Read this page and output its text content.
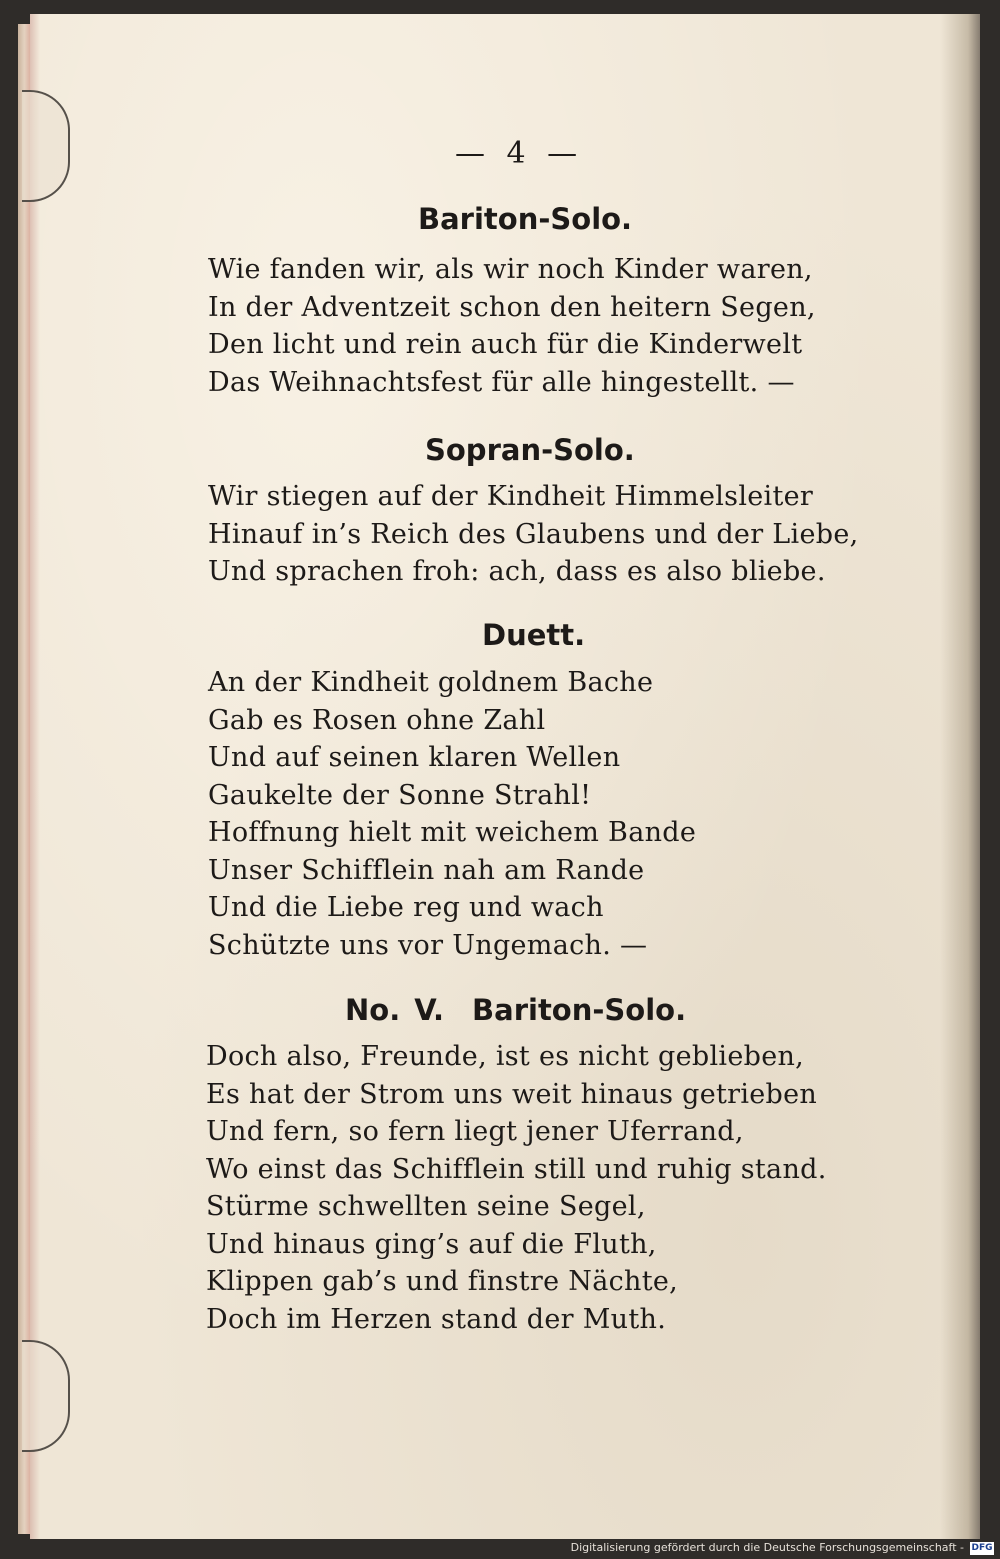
— 4 —
Bariton-Solo.
Wie fanden wir, als wir noch Kinder waren,
In der Adventzeit schon den heitern Segen,
Den licht und rein auch für die Kinderwelt
Das Weihnachtsfest für alle hingestellt. —
Sopran-Solo.
Wir stiegen auf der Kindheit Himmelsleiter
Hinauf in’s Reich des Glaubens und der Liebe,
Und sprachen froh: ach, dass es also bliebe.
Duett.
An der Kindheit goldnem Bache
Gab es Rosen ohne Zahl
Und auf seinen klaren Wellen
Gaukelte der Sonne Strahl!
Hoffnung hielt mit weichem Bande
Unser Schifflein nah am Rande
Und die Liebe reg und wach
Schützte uns vor Ungemach. —
No. V. Bariton-Solo.
Doch also, Freunde, ist es nicht geblieben,
Es hat der Strom uns weit hinaus getrieben
Und fern, so fern liegt jener Uferrand,
Wo einst das Schifflein still und ruhig stand.
Stürme schwellten seine Segel,
Und hinaus ging’s auf die Fluth,
Klippen gab’s und finstre Nächte,
Doch im Herzen stand der Muth.
Digitalisierung gefördert durch die Deutsche Forschungsgemeinschaft - DFG
